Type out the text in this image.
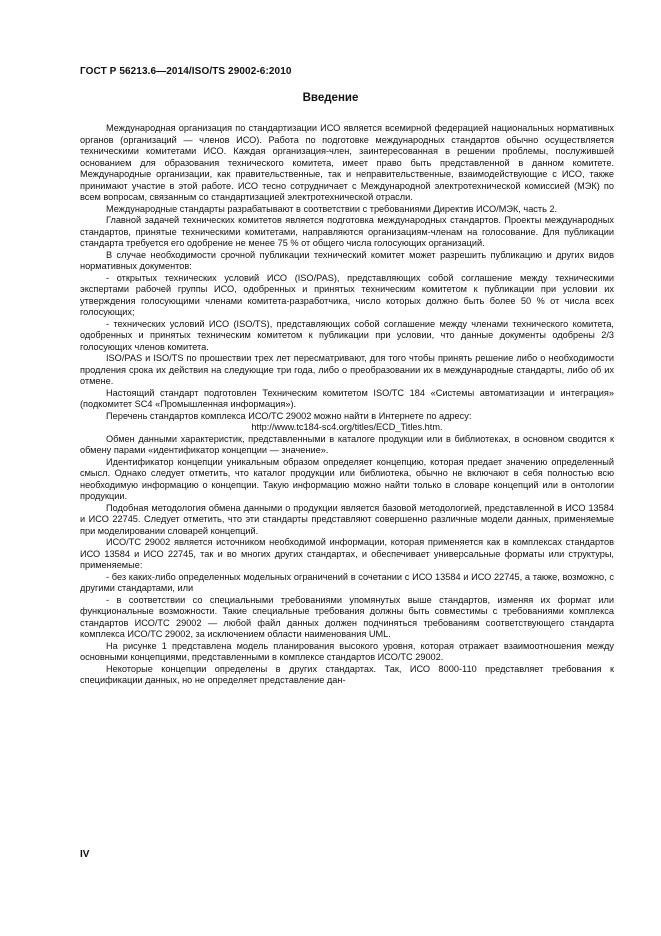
ГОСТ Р 56213.6—2014/ISO/TS 29002-6:2010
Введение

Международная организация по стандартизации ИСО является всемирной федерацией национальных нормативных органов (организаций — членов ИСО). Работа по подготовке международных стандартов обычно осуществляется техническими комитетами ИСО. Каждая организация-член, заинтересованная в решении проблемы, послужившей основанием для образования технического комитета, имеет право быть представленной в данном комитете. Международные организации, как правительственные, так и неправительственные, взаимодействующие с ИСО, также принимают участие в этой работе. ИСО тесно сотрудничает с Международной электротехнической комиссией (МЭК) по всем вопросам, связанным со стандартизацией электротехнической отрасли.

Международные стандарты разрабатывают в соответствии с требованиями Директив ИСО/МЭК, часть 2.

Главной задачей технических комитетов является подготовка международных стандартов. Проекты международных стандартов, принятые техническими комитетами, направляются организациям-членам на голосование. Для публикации стандарта требуется его одобрение не менее 75 % от общего числа голосующих организаций.

В случае необходимости срочной публикации технический комитет может разрешить публикацию и других видов нормативных документов:

- открытых технических условий ИСО (ISO/PAS), представляющих собой соглашение между техническими экспертами рабочей группы ИСО, одобренных и принятых техническим комитетом к публикации при условии их утверждения голосующими членами комитета-разработчика, число которых должно быть более 50 % от числа всех голосующих;

- технических условий ИСО (ISO/TS), представляющих собой соглашение между членами технического комитета, одобренных и принятых техническим комитетом к публикации при условии, что данные документы одобрены 2/3 голосующих членов комитета.

ISO/PAS и ISO/TS по прошествии трех лет пересматривают, для того чтобы принять решение либо о необходимости продления срока их действия на следующие три года, либо о преобразовании их в международные стандарты, либо об их отмене.

Настоящий стандарт подготовлен Техническим комитетом ISO/TC 184 «Системы автоматизации и интеграция» (подкомитет SC4 «Промышленная информация»).

Перечень стандартов комплекса ИСО/ТС 29002 можно найти в Интернете по адресу:

http://www.tc184-sc4.org/titles/ECD_Titles.htm.

Обмен данными характеристик, представленными в каталоге продукции или в библиотеках, в основном сводится к обмену парами «идентификатор концепции — значение».

Идентификатор концепции уникальным образом определяет концепцию, которая предает значению определенный смысл. Однако следует отметить, что каталог продукции или библиотека, обычно не включают в себя полностью всю необходимую информацию о концепции. Такую информацию можно найти только в словаре концепций или в онтологии продукции.

Подобная методология обмена данными о продукции является базовой методологией, представленной в ИСО 13584 и ИСО 22745. Следует отметить, что эти стандарты представляют совершенно различные модели данных, применяемые при моделировании словарей концепций.

ИСО/ТС 29002 является источником необходимой информации, которая применяется как в комплексах стандартов ИСО 13584 и ИСО 22745, так и во многих других стандартах, и обеспечивает универсальные форматы или структуры, применяемые:

- без каких-либо определенных модельных ограничений в сочетании с ИСО 13584 и ИСО 22745, а также, возможно, с другими стандартами, или

- в соответствии со специальными требованиями упомянутых выше стандартов, изменяя их формат или функциональные возможности. Такие специальные требования должны быть совместимы с требованиями комплекса стандартов ИСО/ТС 29002 — любой файл данных должен подчиняться требованиям соответствующего стандарта комплекса ИСО/ТС 29002, за исключением области наименования UML.

На рисунке 1 представлена модель планирования высокого уровня, которая отражает взаимоотношения между основными концепциями, представленными в комплексе стандартов ИСО/ТС 29002.

Некоторые концепции определены в других стандартах. Так, ИСО 8000-110 представляет требования к спецификации данных, но не определяет представление дан-

IV
